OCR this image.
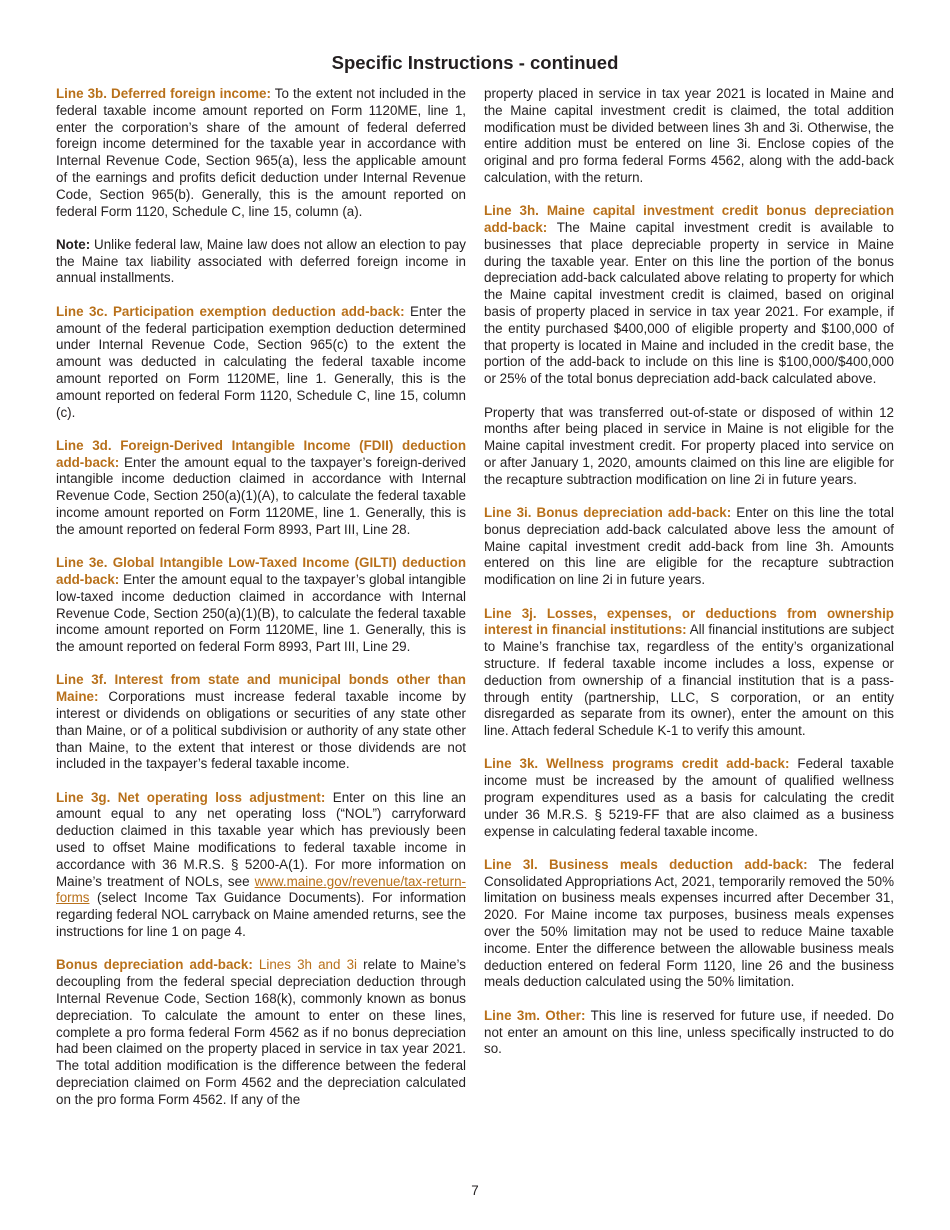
Specific Instructions - continued

Line 3b. Deferred foreign income: To the extent not included in the federal taxable income amount reported on Form 1120ME, line 1, enter the corporation’s share of the amount of federal deferred foreign income determined for the taxable year in accordance with Internal Revenue Code, Section 965(a), less the applicable amount of the earnings and profits deficit deduction under Internal Revenue Code, Section 965(b). Generally, this is the amount reported on federal Form 1120, Schedule C, line 15, column (a).

Note: Unlike federal law, Maine law does not allow an election to pay the Maine tax liability associated with deferred foreign income in annual installments.

Line 3c. Participation exemption deduction add-back: Enter the amount of the federal participation exemption deduction determined under Internal Revenue Code, Section 965(c) to the extent the amount was deducted in calculating the federal taxable income amount reported on Form 1120ME, line 1. Generally, this is the amount reported on federal Form 1120, Schedule C, line 15, column (c).

Line 3d. Foreign-Derived Intangible Income (FDII) deduction add-back: Enter the amount equal to the taxpayer’s foreign-derived intangible income deduction claimed in accordance with Internal Revenue Code, Section 250(a)(1)(A), to calculate the federal taxable income amount reported on Form 1120ME, line 1. Generally, this is the amount reported on federal Form 8993, Part III, Line 28.

Line 3e. Global Intangible Low-Taxed Income (GILTI) deduction add-back: Enter the amount equal to the taxpayer’s global intangible low-taxed income deduction claimed in accordance with Internal Revenue Code, Section 250(a)(1)(B), to calculate the federal taxable income amount reported on Form 1120ME, line 1. Generally, this is the amount reported on federal Form 8993, Part III, Line 29.

Line 3f. Interest from state and municipal bonds other than Maine: Corporations must increase federal taxable income by interest or dividends on obligations or securities of any state other than Maine, or of a political subdivision or authority of any state other than Maine, to the extent that interest or those dividends are not included in the taxpayer’s federal taxable income.

Line 3g. Net operating loss adjustment: Enter on this line an amount equal to any net operating loss (“NOL”) carryforward deduction claimed in this taxable year which has previously been used to offset Maine modifications to federal taxable income in accordance with 36 M.R.S. § 5200-A(1). For more information on Maine’s treatment of NOLs, see www.maine.gov/revenue/tax-return-forms (select Income Tax Guidance Documents). For information regarding federal NOL carryback on Maine amended returns, see the instructions for line 1 on page 4.

Bonus depreciation add-back: Lines 3h and 3i relate to Maine’s decoupling from the federal special depreciation deduction through Internal Revenue Code, Section 168(k), commonly known as bonus depreciation. To calculate the amount to enter on these lines, complete a pro forma federal Form 4562 as if no bonus depreciation had been claimed on the property placed in service in tax year 2021. The total addition modification is the difference between the federal depreciation claimed on Form 4562 and the depreciation calculated on the pro forma Form 4562. If any of the

property placed in service in tax year 2021 is located in Maine and the Maine capital investment credit is claimed, the total addition modification must be divided between lines 3h and 3i. Otherwise, the entire addition must be entered on line 3i. Enclose copies of the original and pro forma federal Forms 4562, along with the add-back calculation, with the return.

Line 3h. Maine capital investment credit bonus depreciation add-back: The Maine capital investment credit is available to businesses that place depreciable property in service in Maine during the taxable year. Enter on this line the portion of the bonus depreciation add-back calculated above relating to property for which the Maine capital investment credit is claimed, based on original basis of property placed in service in tax year 2021. For example, if the entity purchased $400,000 of eligible property and $100,000 of that property is located in Maine and included in the credit base, the portion of the add-back to include on this line is $100,000/$400,000 or 25% of the total bonus depreciation add-back calculated above.

Property that was transferred out-of-state or disposed of within 12 months after being placed in service in Maine is not eligible for the Maine capital investment credit. For property placed into service on or after January 1, 2020, amounts claimed on this line are eligible for the recapture subtraction modification on line 2i in future years.

Line 3i. Bonus depreciation add-back: Enter on this line the total bonus depreciation add-back calculated above less the amount of Maine capital investment credit add-back from line 3h. Amounts entered on this line are eligible for the recapture subtraction modification on line 2i in future years.

Line 3j. Losses, expenses, or deductions from ownership interest in financial institutions: All financial institutions are subject to Maine’s franchise tax, regardless of the entity’s organizational structure. If federal taxable income includes a loss, expense or deduction from ownership of a financial institution that is a pass-through entity (partnership, LLC, S corporation, or an entity disregarded as separate from its owner), enter the amount on this line. Attach federal Schedule K-1 to verify this amount.

Line 3k. Wellness programs credit add-back: Federal taxable income must be increased by the amount of qualified wellness program expenditures used as a basis for calculating the credit under 36 M.R.S. § 5219-FF that are also claimed as a business expense in calculating federal taxable income.

Line 3l. Business meals deduction add-back: The federal Consolidated Appropriations Act, 2021, temporarily removed the 50% limitation on business meals expenses incurred after December 31, 2020. For Maine income tax purposes, business meals expenses over the 50% limitation may not be used to reduce Maine taxable income. Enter the difference between the allowable business meals deduction entered on federal Form 1120, line 26 and the business meals deduction calculated using the 50% limitation.

Line 3m. Other: This line is reserved for future use, if needed. Do not enter an amount on this line, unless specifically instructed to do so.

7
